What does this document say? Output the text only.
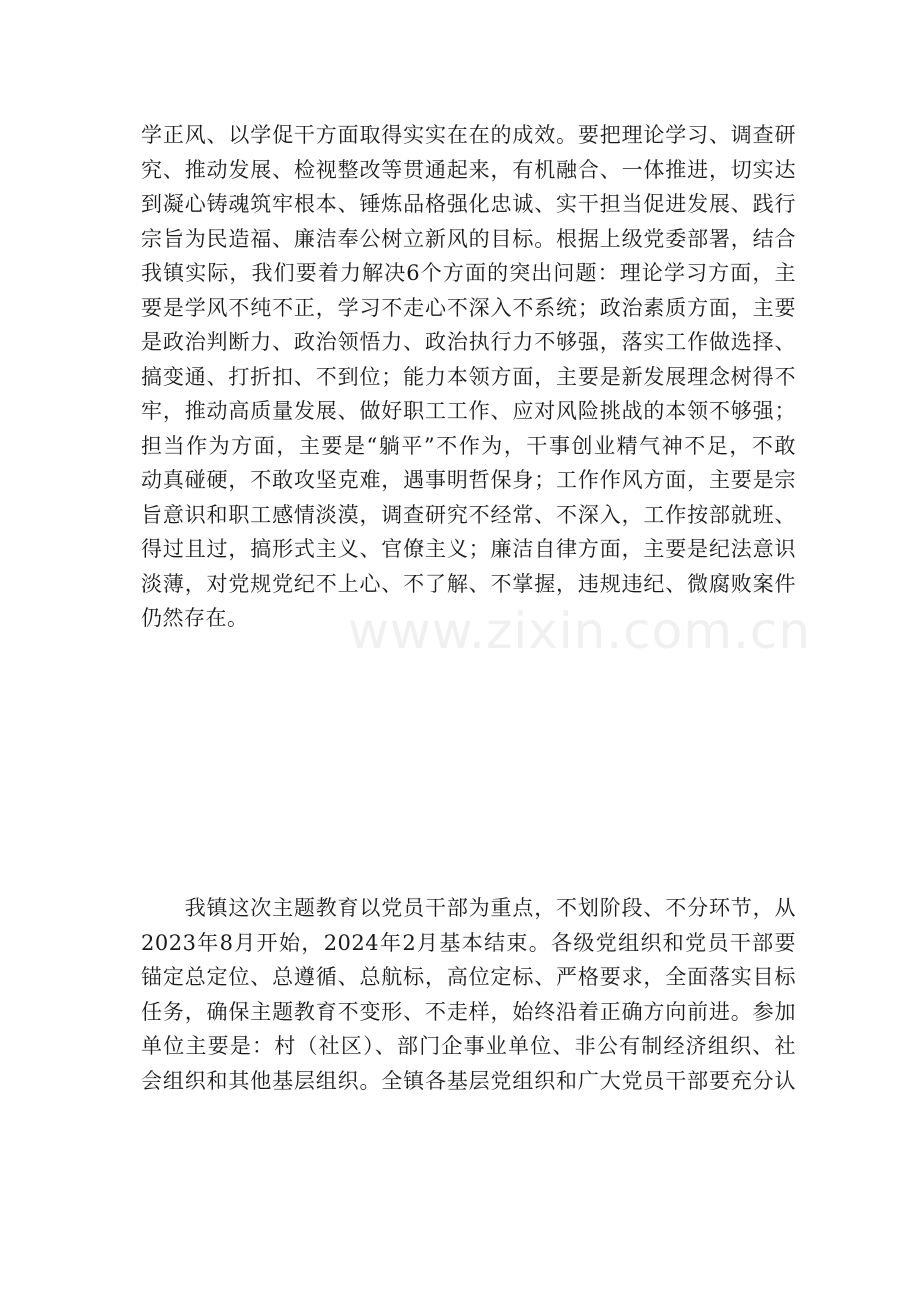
www.zixin.com.cn
学正风、以学促干方面取得实实在在的成效。要把理论学习、调查研
究、推动发展、检视整改等贯通起来，有机融合、一体推进，切实达
到凝心铸魂筑牢根本、锤炼品格强化忠诚、实干担当促进发展、践行
宗旨为民造福、廉洁奉公树立新风的目标。根据上级党委部署，结合
我镇实际，我们要着力解决6个方面的突出问题：理论学习方面，主
要是学风不纯不正，学习不走心不深入不系统；政治素质方面，主要
是政治判断力、政治领悟力、政治执行力不够强，落实工作做选择、
搞变通、打折扣、不到位；能力本领方面，主要是新发展理念树得不
牢，推动高质量发展、做好职工工作、应对风险挑战的本领不够强；
担当作为方面，主要是“躺平”不作为，干事创业精气神不足，不敢
动真碰硬，不敢攻坚克难，遇事明哲保身；工作作风方面，主要是宗
旨意识和职工感情淡漠，调查研究不经常、不深入，工作按部就班、
得过且过，搞形式主义、官僚主义；廉洁自律方面，主要是纪法意识
淡薄，对党规党纪不上心、不了解、不掌握，违规违纪、微腐败案件
仍然存在。
　　我镇这次主题教育以党员干部为重点，不划阶段、不分环节，从
2023年8月开始，2024年2月基本结束。各级党组织和党员干部要
锚定总定位、总遵循、总航标，高位定标、严格要求，全面落实目标
任务，确保主题教育不变形、不走样，始终沿着正确方向前进。参加
单位主要是：村（社区）、部门企事业单位、非公有制经济组织、社
会组织和其他基层组织。全镇各基层党组织和广大党员干部要充分认
